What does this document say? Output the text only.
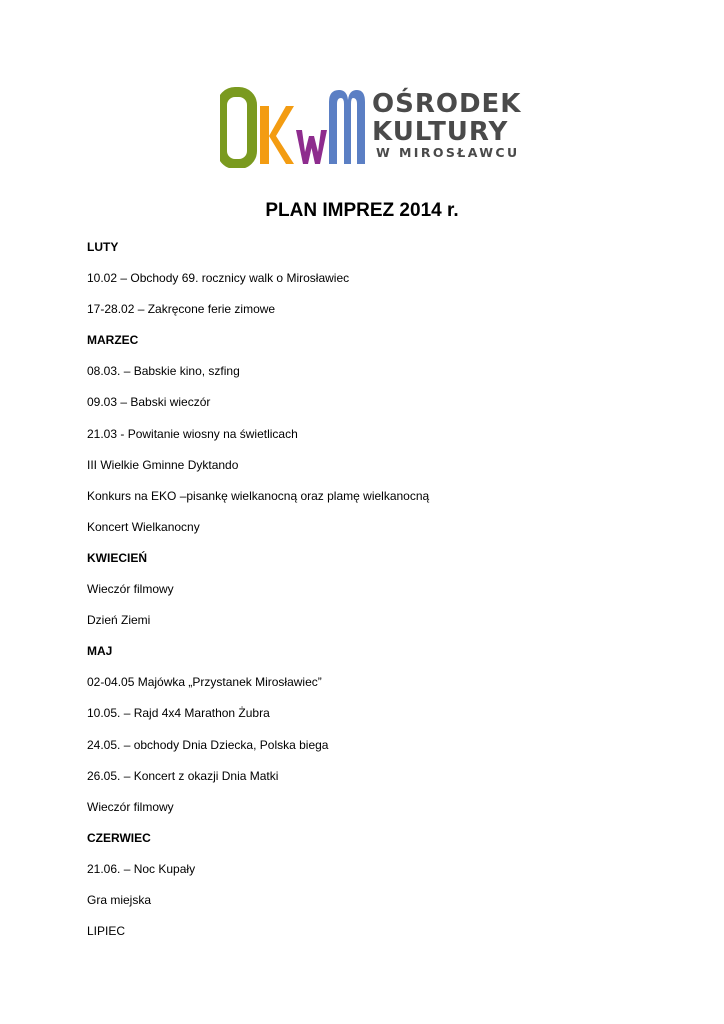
OŚRODEK
KULTURY
W MIROSŁAWCU
PLAN IMPREZ 2014 r.
LUTY
10.02 – Obchody 69. rocznicy walk o Mirosławiec
17-28.02 – Zakręcone ferie zimowe
MARZEC
08.03. – Babskie kino, szfing
09.03 – Babski wieczór
21.03 - Powitanie wiosny na świetlicach
III Wielkie Gminne Dyktando
Konkurs na EKO –pisankę wielkanocną oraz plamę wielkanocną
Koncert Wielkanocny
KWIECIEŃ
Wieczór filmowy
Dzień Ziemi
MAJ
02-04.05 Majówka „Przystanek Mirosławiec”
10.05. – Rajd 4x4 Marathon Żubra
24.05. – obchody Dnia Dziecka, Polska biega
26.05. – Koncert z okazji Dnia Matki
Wieczór filmowy
CZERWIEC
21.06. – Noc Kupały
Gra miejska
LIPIEC
